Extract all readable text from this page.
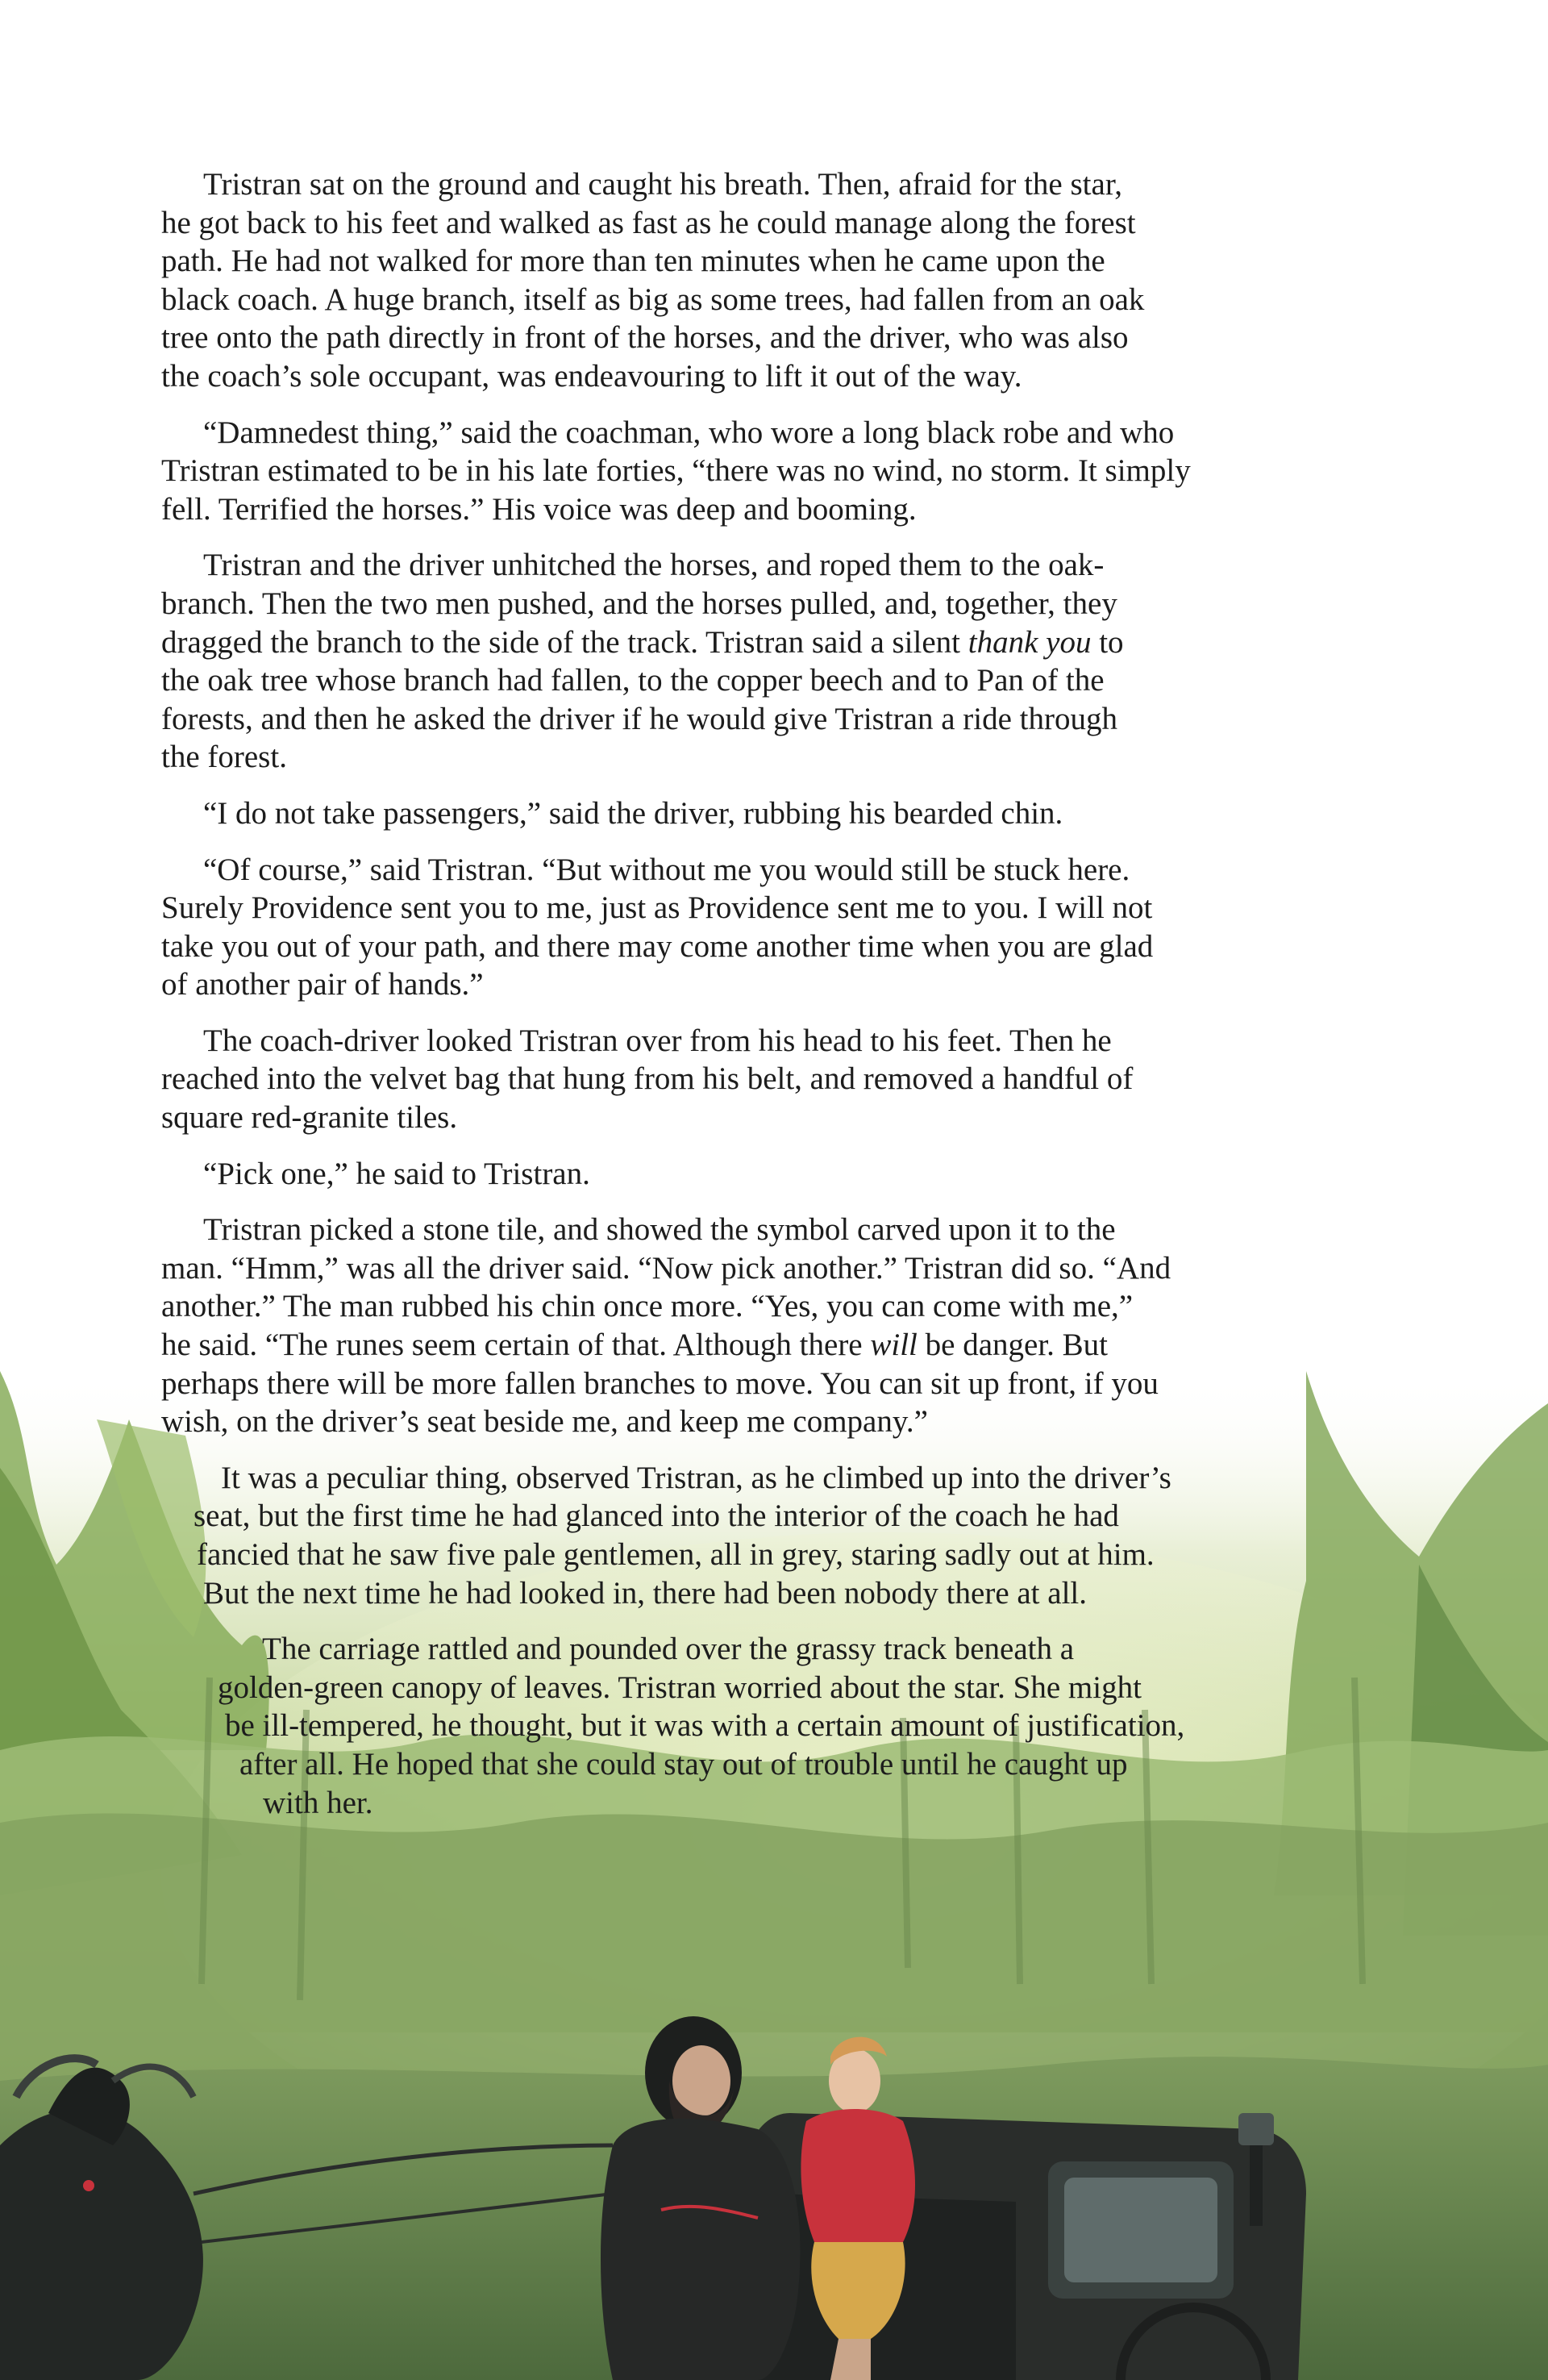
Tristran sat on the ground and caught his breath. Then, afraid for the star,
he got back to his feet and walked as fast as he could manage along the forest
path. He had not walked for more than ten minutes when he came upon the
black coach. A huge branch, itself as big as some trees, had fallen from an oak
tree onto the path directly in front of the horses, and the driver, who was also
the coach’s sole occupant, was endeavouring to lift it out of the way.

“Damnedest thing,” said the coachman, who wore a long black robe and who
Tristran estimated to be in his late forties, “there was no wind, no storm. It simply
fell. Terrified the horses.” His voice was deep and booming.

Tristran and the driver unhitched the horses, and roped them to the oak-
branch. Then the two men pushed, and the horses pulled, and, together, they
dragged the branch to the side of the track. Tristran said a silent thank you to
the oak tree whose branch had fallen, to the copper beech and to Pan of the
forests, and then he asked the driver if he would give Tristran a ride through
the forest.

“I do not take passengers,” said the driver, rubbing his bearded chin.

“Of course,” said Tristran. “But without me you would still be stuck here.
Surely Providence sent you to me, just as Providence sent me to you. I will not
take you out of your path, and there may come another time when you are glad
of another pair of hands.”

The coach-driver looked Tristran over from his head to his feet. Then he
reached into the velvet bag that hung from his belt, and removed a handful of
square red-granite tiles.

“Pick one,” he said to Tristran.

Tristran picked a stone tile, and showed the symbol carved upon it to the
man. “Hmm,” was all the driver said. “Now pick another.” Tristran did so. “And
another.” The man rubbed his chin once more. “Yes, you can come with me,”
he said. “The runes seem certain of that. Although there will be danger. But
perhaps there will be more fallen branches to move. You can sit up front, if you
wish, on the driver’s seat beside me, and keep me company.”

It was a peculiar thing, observed Tristran, as he climbed up into the driver’s
seat, but the first time he had glanced into the interior of the coach he had
fancied that he saw five pale gentlemen, all in grey, staring sadly out at him.
But the next time he had looked in, there had been nobody there at all.

The carriage rattled and pounded over the grassy track beneath a
golden-green canopy of leaves. Tristran worried about the star. She might
be ill-tempered, he thought, but it was with a certain amount of justification,
after all. He hoped that she could stay out of trouble until he caught up
with her.
